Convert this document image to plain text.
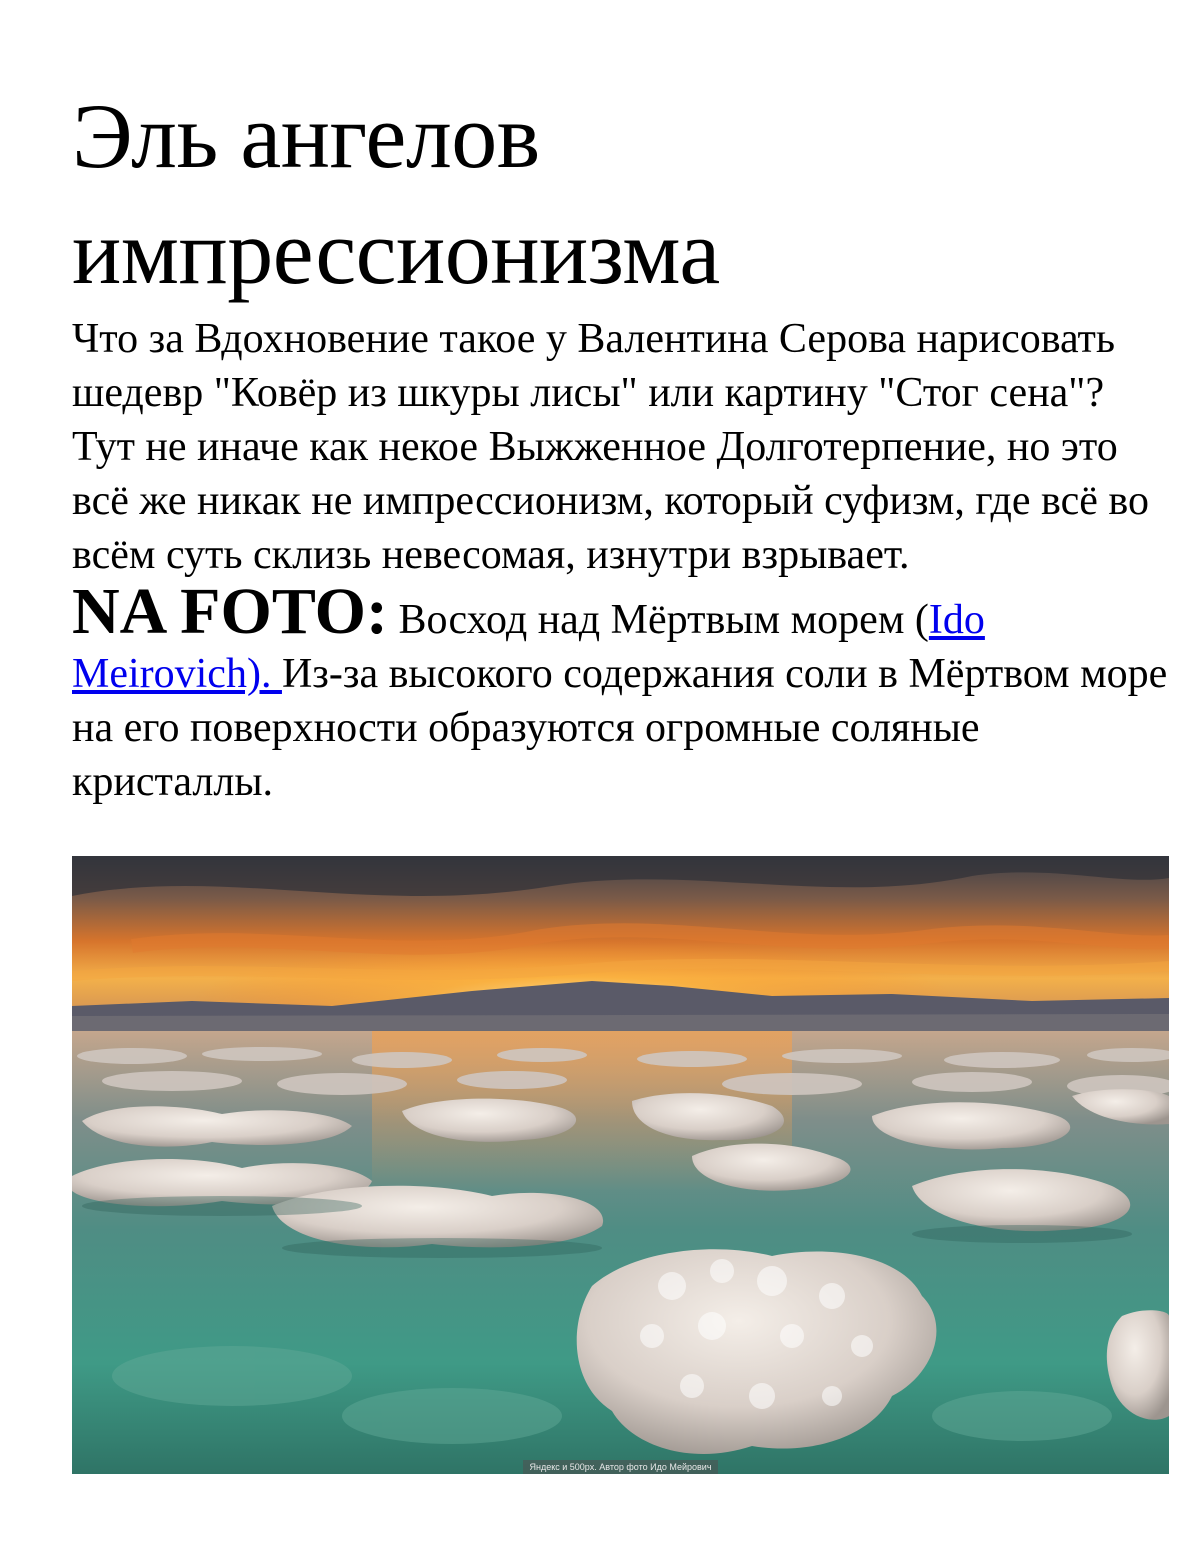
Эль ангелов импрессионизма

Что за Вдохновение такое у Валентина Серова нарисовать шедевр "Ковёр из шкуры лисы" или картину "Стог сена"? Тут не иначе как некое Выжженное Долготерпение, но это всё же никак не импрессионизм, который суфизм, где всё во всём суть склизь невесомая, изнутри взрывает.

NA FOTO: Восход над Мёртвым морем (Ido Meirovich). Из-за высокого содержания соли в Мёртвом море на его поверхности образуются огромные соляные кристаллы.

Яндекс и 500px. Автор фото Идо Мейрович
